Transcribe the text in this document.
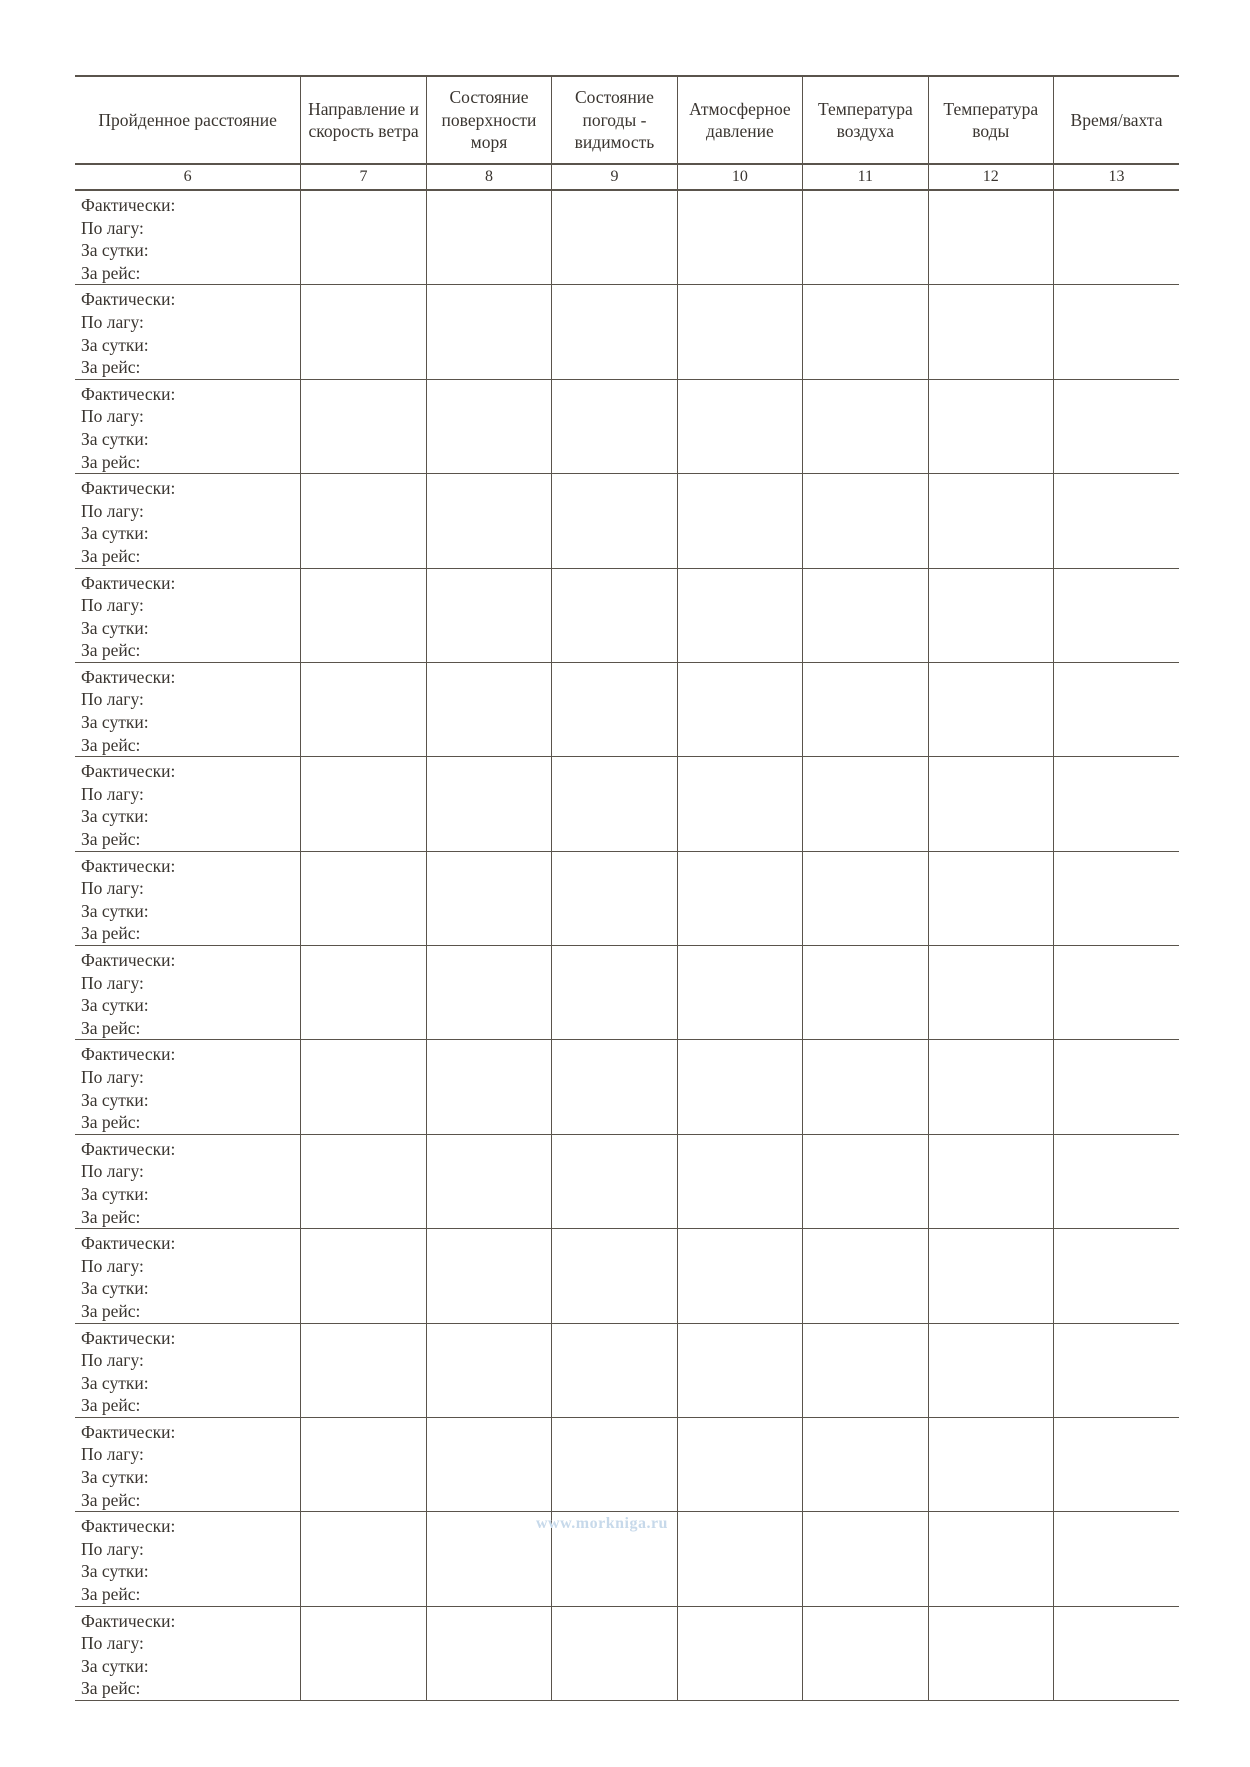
Пройденное расстояние	Направление и скорость ветра	Состояние поверхности моря	Состояние погоды - видимость	Атмосферное давление	Температура воздуха	Температура воды	Время/вахта
6	7	8	9	10	11	12	13

Фактически:
По лагу:
За сутки:
За рейс:							

Фактически:
По лагу:
За сутки:
За рейс:							

Фактически:
По лагу:
За сутки:
За рейс:							

Фактически:
По лагу:
За сутки:
За рейс:							

Фактически:
По лагу:
За сутки:
За рейс:							

Фактически:
По лагу:
За сутки:
За рейс:							

Фактически:
По лагу:
За сутки:
За рейс:							

Фактически:
По лагу:
За сутки:
За рейс:							

Фактически:
По лагу:
За сутки:
За рейс:							

Фактически:
По лагу:
За сутки:
За рейс:							

Фактически:
По лагу:
За сутки:
За рейс:							

Фактически:
По лагу:
За сутки:
За рейс:							

Фактически:
По лагу:
За сутки:
За рейс:							

Фактически:
По лагу:
За сутки:
За рейс:							

Фактически:
По лагу:
За сутки:
За рейс:							

Фактически:
По лагу:
За сутки:
За рейс:							

www.morkniga.ru
